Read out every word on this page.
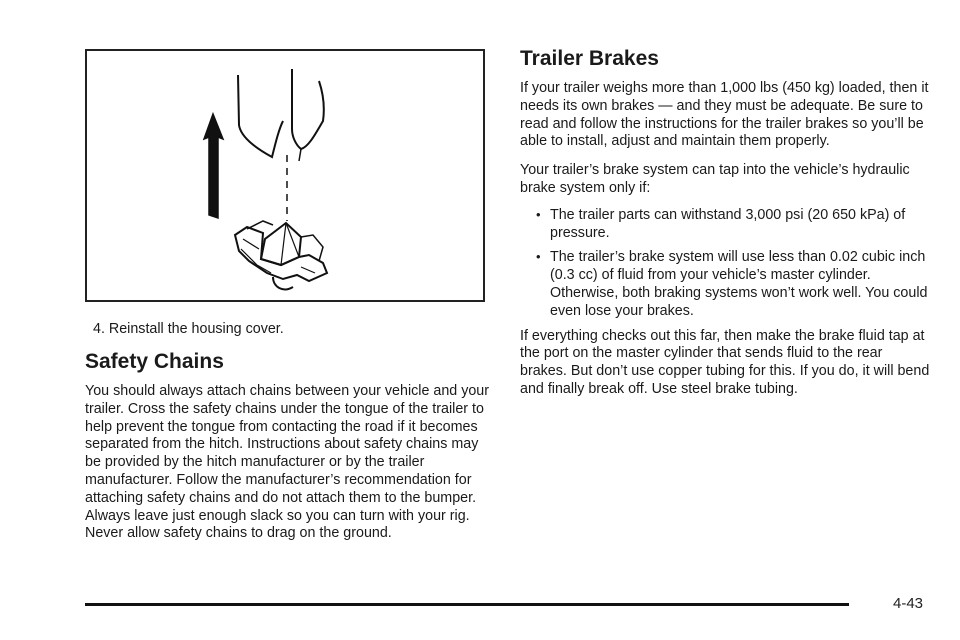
4. Reinstall the housing cover.
Safety Chains

You should always attach chains between your vehicle and your trailer. Cross the safety chains under the tongue of the trailer to help prevent the tongue from contacting the road if it becomes separated from the hitch. Instructions about safety chains may be provided by the hitch manufacturer or by the trailer manufacturer. Follow the manufacturer’s recommendation for attaching safety chains and do not attach them to the bumper. Always leave just enough slack so you can turn with your rig. Never allow safety chains to drag on the ground.

Trailer Brakes

If your trailer weighs more than 1,000 lbs (450 kg) loaded, then it needs its own brakes — and they must be adequate. Be sure to read and follow the instructions for the trailer brakes so you’ll be able to install, adjust and maintain them properly.

Your trailer’s brake system can tap into the vehicle’s hydraulic brake system only if:

• The trailer parts can withstand 3,000 psi (20 650 kPa) of pressure.
• The trailer’s brake system will use less than 0.02 cubic inch (0.3 cc) of fluid from your vehicle’s master cylinder. Otherwise, both braking systems won’t work well. You could even lose your brakes.

If everything checks out this far, then make the brake fluid tap at the port on the master cylinder that sends fluid to the rear brakes. But don’t use copper tubing for this. If you do, it will bend and finally break off. Use steel brake tubing.

4-43
